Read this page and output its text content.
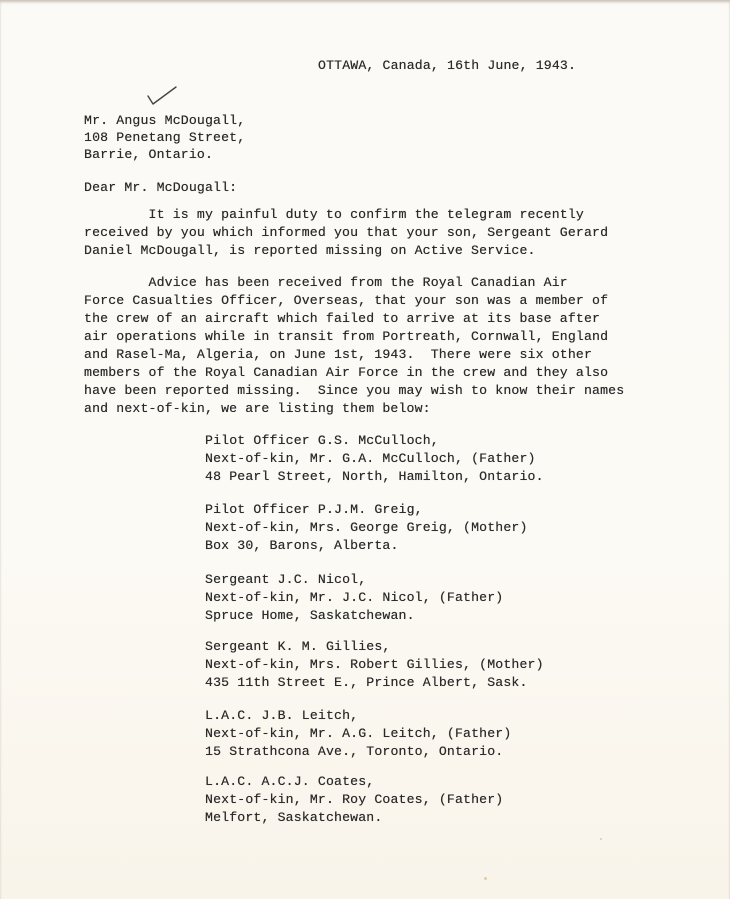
OTTAWA, Canada, 16th June, 1943.
Mr. Angus McDougall,
108 Penetang Street,
Barrie, Ontario.
Dear Mr. McDougall:
It is my painful duty to confirm the telegram recently
received by you which informed you that your son, Sergeant Gerard
Daniel McDougall, is reported missing on Active Service.
Advice has been received from the Royal Canadian Air
Force Casualties Officer, Overseas, that your son was a member of
the crew of an aircraft which failed to arrive at its base after
air operations while in transit from Portreath, Cornwall, England
and Rasel-Ma, Algeria, on June 1st, 1943.  There were six other
members of the Royal Canadian Air Force in the crew and they also
have been reported missing.  Since you may wish to know their names
and next-of-kin, we are listing them below:
Pilot Officer G.S. McCulloch,
Next-of-kin, Mr. G.A. McCulloch, (Father)
48 Pearl Street, North, Hamilton, Ontario.
Pilot Officer P.J.M. Greig,
Next-of-kin, Mrs. George Greig, (Mother)
Box 30, Barons, Alberta.
Sergeant J.C. Nicol,
Next-of-kin, Mr. J.C. Nicol, (Father)
Spruce Home, Saskatchewan.
Sergeant K. M. Gillies,
Next-of-kin, Mrs. Robert Gillies, (Mother)
435 11th Street E., Prince Albert, Sask.
L.A.C. J.B. Leitch,
Next-of-kin, Mr. A.G. Leitch, (Father)
15 Strathcona Ave., Toronto, Ontario.
L.A.C. A.C.J. Coates,
Next-of-kin, Mr. Roy Coates, (Father)
Melfort, Saskatchewan.
